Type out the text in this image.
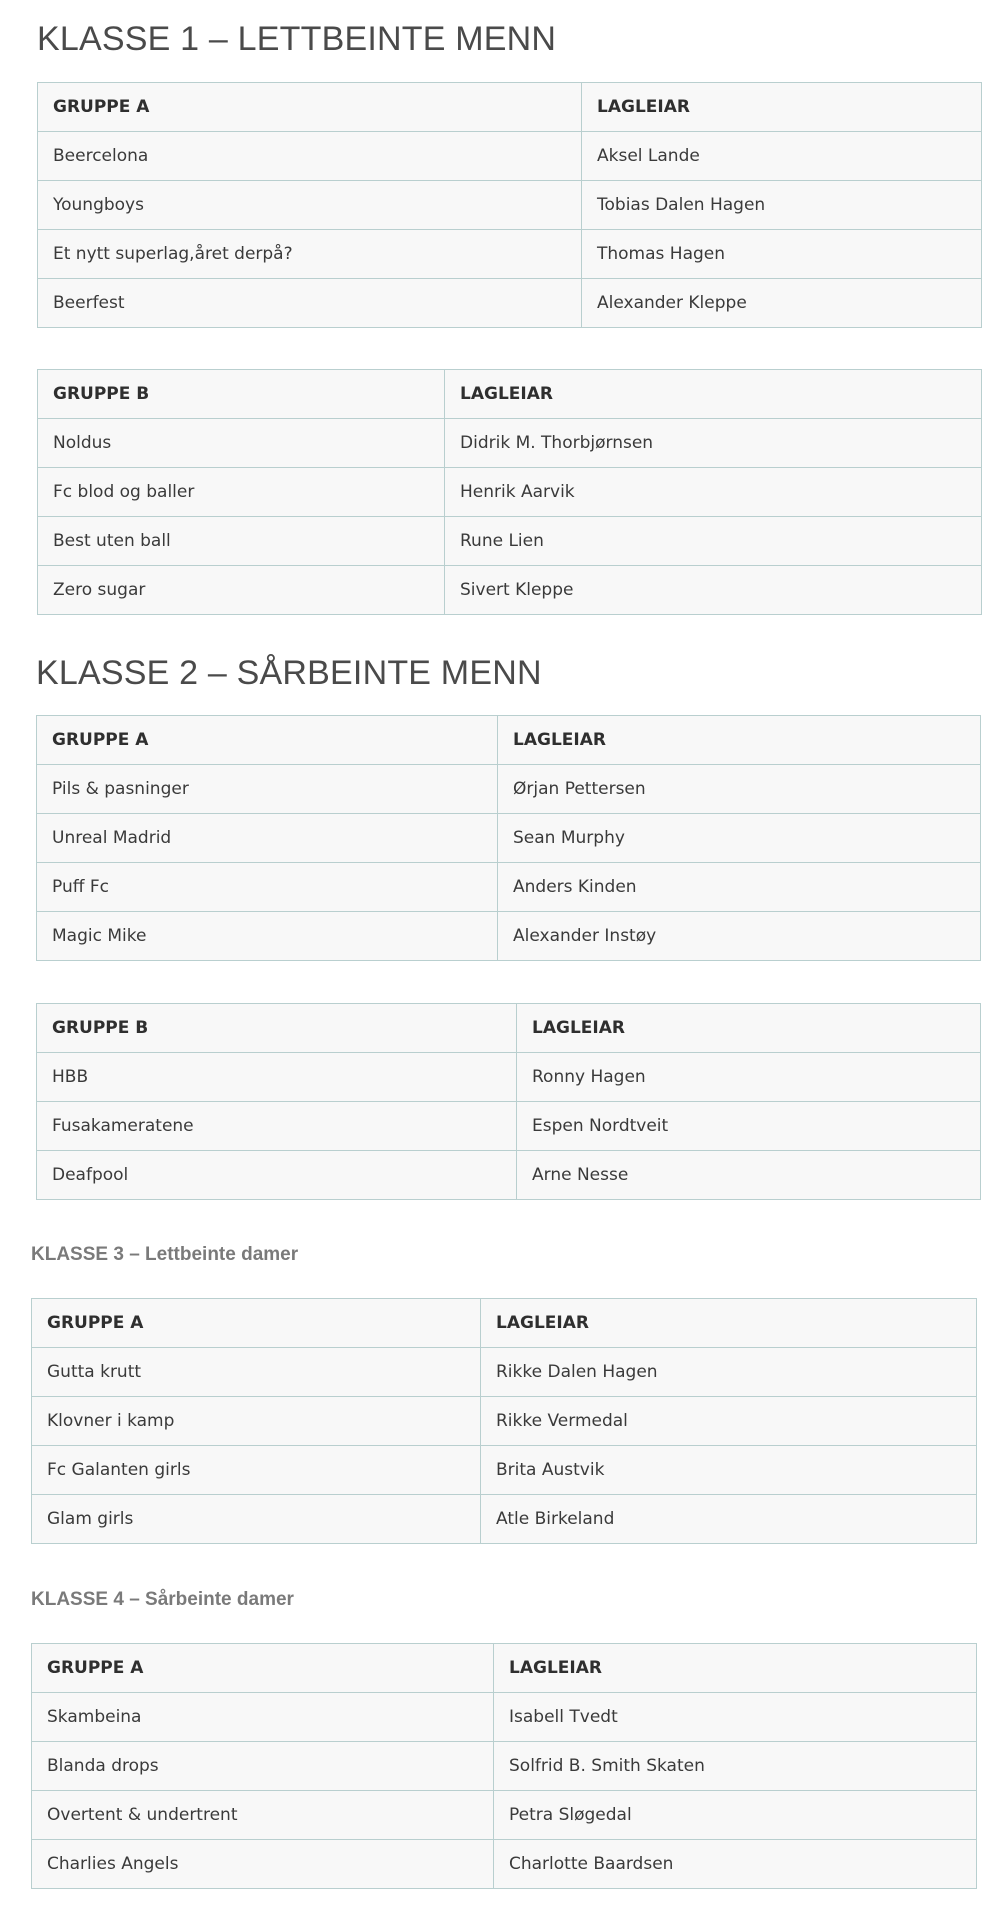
KLASSE 1 – LETTBEINTE MENN
GRUPPE A	LAGLEIAR
Beercelona	Aksel Lande
Youngboys	Tobias Dalen Hagen
Et nytt superlag,året derpå?	Thomas Hagen
Beerfest	Alexander Kleppe
GRUPPE B	LAGLEIAR
Noldus	Didrik M. Thorbjørnsen
Fc blod og baller	Henrik Aarvik
Best uten ball	Rune Lien
Zero sugar	Sivert Kleppe
KLASSE 2 – SÅRBEINTE MENN
GRUPPE A	LAGLEIAR
Pils & pasninger	Ørjan Pettersen
Unreal Madrid	Sean Murphy
Puff Fc	Anders Kinden
Magic Mike	Alexander Instøy
GRUPPE B	LAGLEIAR
HBB	Ronny Hagen
Fusakameratene	Espen Nordtveit
Deafpool	Arne Nesse
KLASSE 3 – Lettbeinte damer
GRUPPE A	LAGLEIAR
Gutta krutt	Rikke Dalen Hagen
Klovner i kamp	Rikke Vermedal
Fc Galanten girls	Brita Austvik
Glam girls	Atle Birkeland
KLASSE 4 – Sårbeinte damer
GRUPPE A	LAGLEIAR
Skambeina	Isabell Tvedt
Blanda drops	Solfrid B. Smith Skaten
Overtent & undertrent	Petra Sløgedal
Charlies Angels	Charlotte Baardsen
